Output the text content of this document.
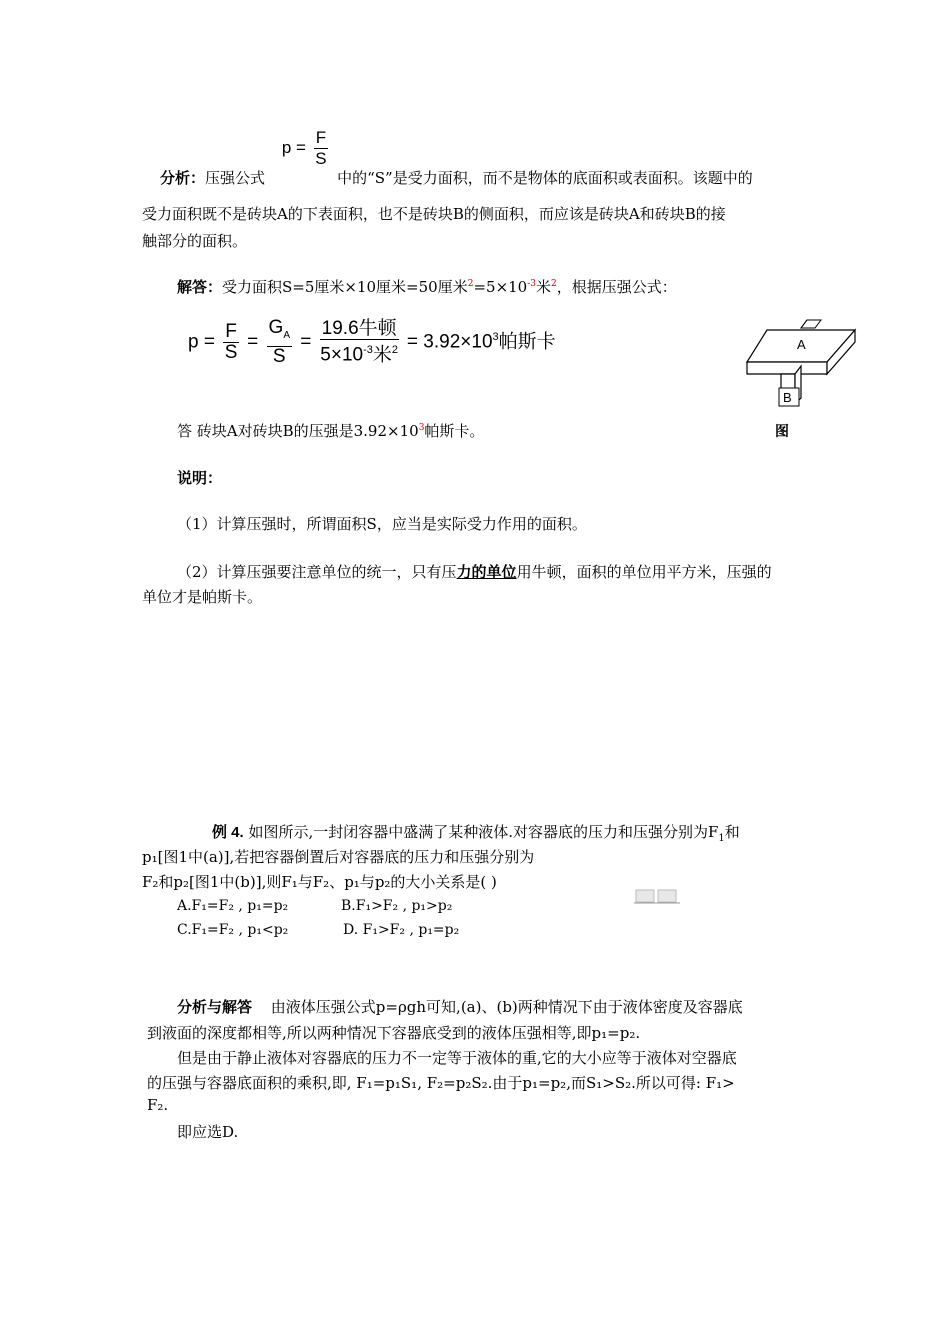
分析：压强公式 $p = \frac{F}{S}$
中的“S”是受力面积，而不是物体的底面积或表面积。该题中的
受力面积既不是砖块A的下表面积，也不是砖块B的侧面积，而应该是砖块A和砖块B的接
触部分的面积。
解答：受力面积S=5厘米×10厘米=50厘米$^2=5\times 10^{-3}$米$^2$，根据压强公式：
$p = \frac{F}{S} = \frac{G_A}{S} = \frac{\text{19.6牛顿}}{5\times 10^{-3}米^2} = 3.92\times 10^3$帕斯卡	A
B
图
答 砖块A对砖块B的压强是$3.92\times 10^3$帕斯卡。
说明：
（1）计算压强时，所谓面积S，应当是实际受力作用的面积。
（2）计算压强要注意单位的统一，只有压力的单位用牛顿，面积的单位用平方米，压强的
单位才是帕斯卡。
例 4. 如图所示,一封闭容器中盛满了某种液体.对容器底的压力和压强分别为$F_1$和
p₁[图1中(a)],若把容器倒置后对容器底的压力和压强分别为
F₂和p₂[图1中(b)],则F₁与F₂、p₁与p₂的大小关系是( )
A.F₁=F₂ , p₁=p₂	B.F₁>F₂ , p₁>p₂
C.F₁=F₂ , p₁<p₂	D. F₁>F₂ , p₁=p₂
分析与解答 由液体压强公式p=ρgh可知,(a)、(b)两种情况下由于液体密度及容器底
到液面的深度都相等,所以两种情况下容器底受到的液体压强相等,即p₁=p₂.
但是由于静止液体对容器底的压力不一定等于液体的重,它的大小应等于液体对空器底
的压强与容器底面积的乘积,即, F₁=p₁S₁, F₂=p₂S₂.由于p₁=p₂,而S₁>S₂.所以可得: F₁>
F₂.
即应选D.
